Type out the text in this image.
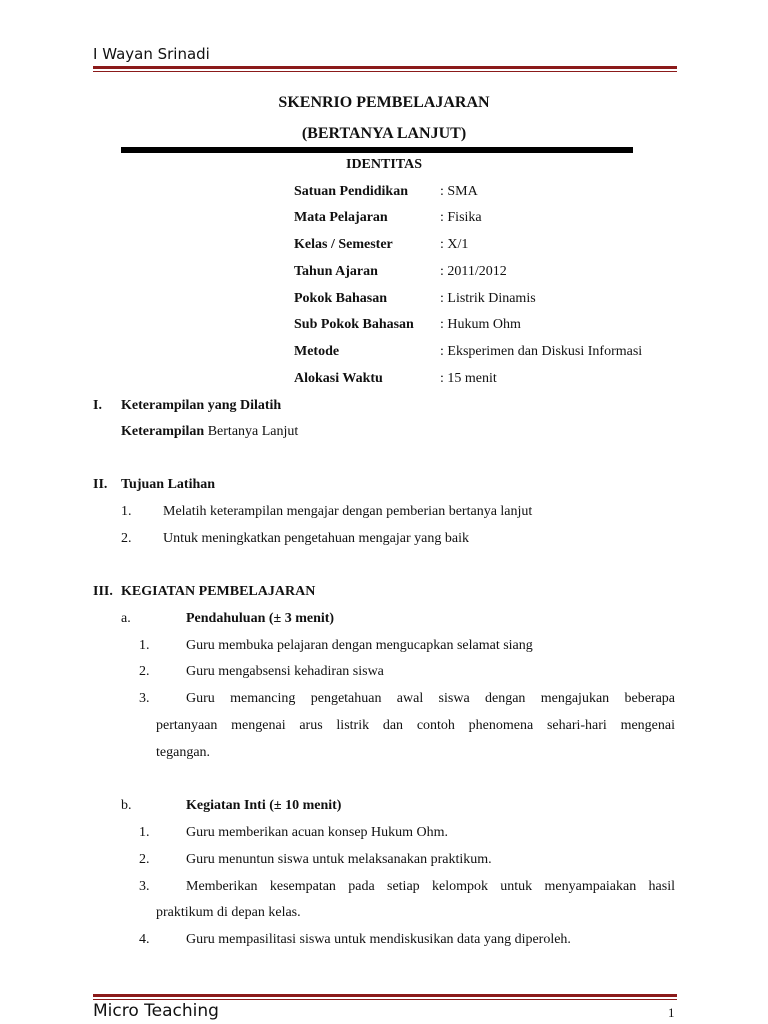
I Wayan Srinadi
SKENRIO PEMBELAJARAN
(BERTANYA LANJUT)
IDENTITAS
Satuan Pendidikan : SMA
Mata Pelajaran	: Fisika
Kelas / Semester	: X/1
Tahun Ajaran	: 2011/2012
Pokok Bahasan	: Listrik Dinamis
Sub Pokok Bahasan : Hukum Ohm
Metode	: Eksperimen dan Diskusi Informasi
Alokasi Waktu	: 15 menit
I. Keterampilan yang Dilatih
Keterampilan Bertanya Lanjut
II. Tujuan Latihan
1. Melatih keterampilan mengajar dengan pemberian bertanya lanjut
2. Untuk meningkatkan pengetahuan mengajar yang baik
III. KEGIATAN PEMBELAJARAN
a.	Pendahuluan (± 3 menit)
1.	Guru membuka pelajaran dengan mengucapkan selamat siang
2.	Guru mengabsensi kehadiran siswa
3.	Guru memancing pengetahuan awal siswa dengan mengajukan beberapa
pertanyaan mengenai arus listrik dan contoh phenomena sehari-hari mengenai
tegangan.
b.	Kegiatan Inti (± 10 menit)
1.	Guru memberikan acuan konsep Hukum Ohm.
2.	Guru menuntun siswa untuk melaksanakan praktikum.
3.	Memberikan kesempatan pada setiap kelompok untuk menyampaiakan hasil
praktikum di depan kelas.
4.	Guru mempasilitasi siswa untuk mendiskusikan data yang diperoleh.
Micro Teaching	1
